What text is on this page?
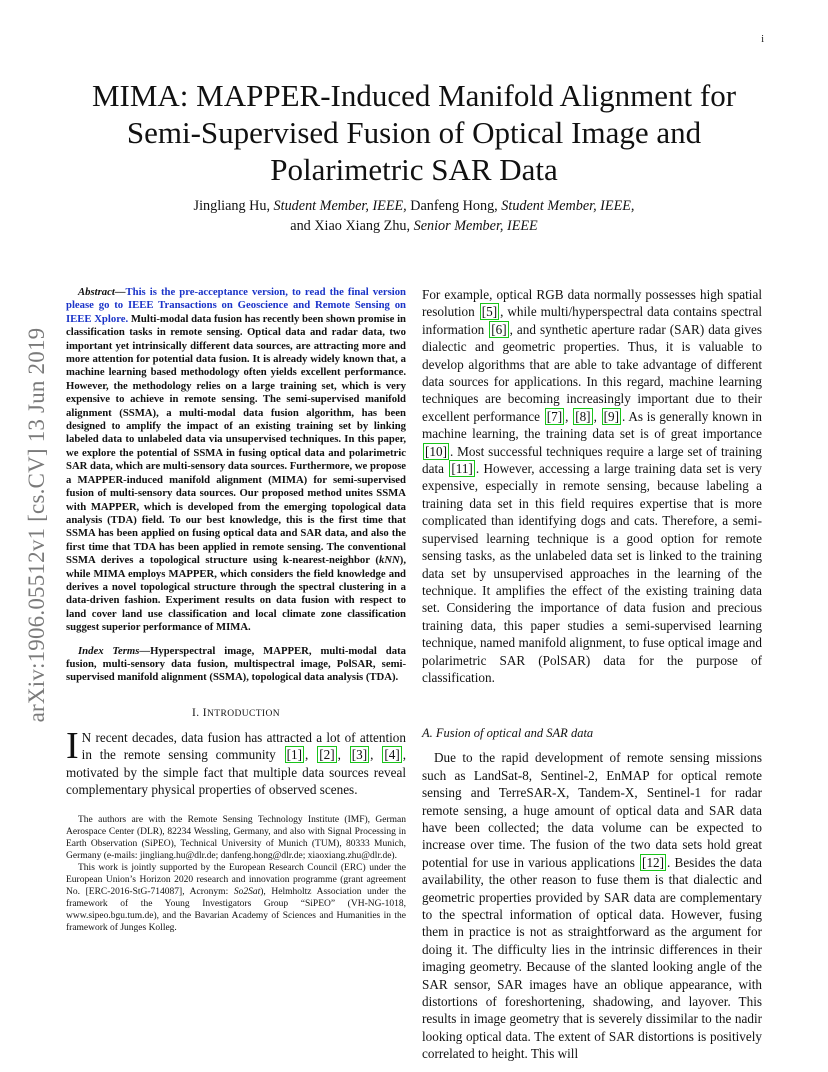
i
arXiv:1906.05512v1 [cs.CV] 13 Jun 2019
MIMA: MAPPER-Induced Manifold Alignment for
Semi-Supervised Fusion of Optical Image and
Polarimetric SAR Data
Jingliang Hu, Student Member, IEEE, Danfeng Hong, Student Member, IEEE,
and Xiao Xiang Zhu, Senior Member, IEEE

Abstract—This is the pre-acceptance version, to read the final version please go to IEEE Transactions on Geoscience and Remote Sensing on IEEE Xplore. Multi-modal data fusion has recently been shown promise in classification tasks in remote sensing. Optical data and radar data, two important yet intrinsically different data sources, are attracting more and more attention for potential data fusion. It is already widely known that, a machine learning based methodology often yields excellent performance. However, the methodology relies on a large training set, which is very expensive to achieve in remote sensing. The semi-supervised manifold alignment (SSMA), a multi-modal data fusion algorithm, has been designed to amplify the impact of an existing training set by linking labeled data to unlabeled data via unsupervised techniques. In this paper, we explore the potential of SSMA in fusing optical data and polarimetric SAR data, which are multi-sensory data sources. Furthermore, we propose a MAPPER-induced manifold alignment (MIMA) for semi-supervised fusion of multi-sensory data sources. Our proposed method unites SSMA with MAPPER, which is developed from the emerging topological data analysis (TDA) field. To our best knowledge, this is the first time that SSMA has been applied on fusing optical data and SAR data, and also the first time that TDA has been applied in remote sensing. The conventional SSMA derives a topological structure using k-nearest-neighbor (kNN), while MIMA employs MAPPER, which considers the field knowledge and derives a novel topological structure through the spectral clustering in a data-driven fashion. Experiment results on data fusion with respect to land cover land use classification and local climate zone classification suggest superior performance of MIMA.

Index Terms—Hyperspectral image, MAPPER, multi-modal data fusion, multi-sensory data fusion, multispectral image, PolSAR, semi-supervised manifold alignment (SSMA), topological data analysis (TDA).

I. INTRODUCTION

I N recent decades, data fusion has attracted a lot of attention in the remote sensing community [1] , [2] , [3] , [4] , motivated by the simple fact that multiple data sources reveal complementary physical properties of observed scenes.

The authors are with the Remote Sensing Technology Institute (IMF), German Aerospace Center (DLR), 82234 Wessling, Germany, and also with Signal Processing in Earth Observation (SiPEO), Technical University of Munich (TUM), 80333 Munich, Germany (e-mails: jingliang.hu@dlr.de; danfeng.hong@dlr.de; xiaoxiang.zhu@dlr.de).

This work is jointly supported by the European Research Council (ERC) under the European Union’s Horizon 2020 research and innovation programme (grant agreement No. [ERC-2016-StG-714087], Acronym: So2Sat), Helmholtz Association under the framework of the Young Investigators Group “SiPEO” (VH-NG-1018, www.sipeo.bgu.tum.de), and the Bavarian Academy of Sciences and Humanities in the framework of Junges Kolleg.

For example, optical RGB data normally possesses high spatial resolution [5] , while multi/hyperspectral data contains spectral information [6] , and synthetic aperture radar (SAR) data gives dialectic and geometric properties. Thus, it is valuable to develop algorithms that are able to take advantage of different data sources for applications. In this regard, machine learning techniques are becoming increasingly important due to their excellent performance [7] , [8] , [9] . As is generally known in machine learning, the training data set is of great importance [10] . Most successful techniques require a large set of training data [11] . However, accessing a large training data set is very expensive, especially in remote sensing, because labeling a training data set in this field requires expertise that is more complicated than identifying dogs and cats. Therefore, a semi-supervised learning technique is a good option for remote sensing tasks, as the unlabeled data set is linked to the training data set by unsupervised approaches in the learning of the technique. It amplifies the effect of the existing training data set. Considering the importance of data fusion and precious training data, this paper studies a semi-supervised learning technique, named manifold alignment, to fuse optical image and polarimetric SAR (PolSAR) data for the purpose of classification.

A. Fusion of optical and SAR data

Due to the rapid development of remote sensing missions such as LandSat-8, Sentinel-2, EnMAP for optical remote sensing and TerreSAR-X, Tandem-X, Sentinel-1 for radar remote sensing, a huge amount of optical data and SAR data have been collected; the data volume can be expected to increase over time. The fusion of the two data sets hold great potential for use in various applications [12] . Besides the data availability, the other reason to fuse them is that dialectic and geometric properties provided by SAR data are complementary to the spectral information of optical data. However, fusing them in practice is not as straightforward as the argument for doing it. The difficulty lies in the intrinsic differences in their imaging geometry. Because of the slanted looking angle of the SAR sensor, SAR images have an oblique appearance, with distortions of foreshortening, shadowing, and layover. This results in image geometry that is severely dissimilar to the nadir looking optical data. The extent of SAR distortions is positively correlated to height. This will
